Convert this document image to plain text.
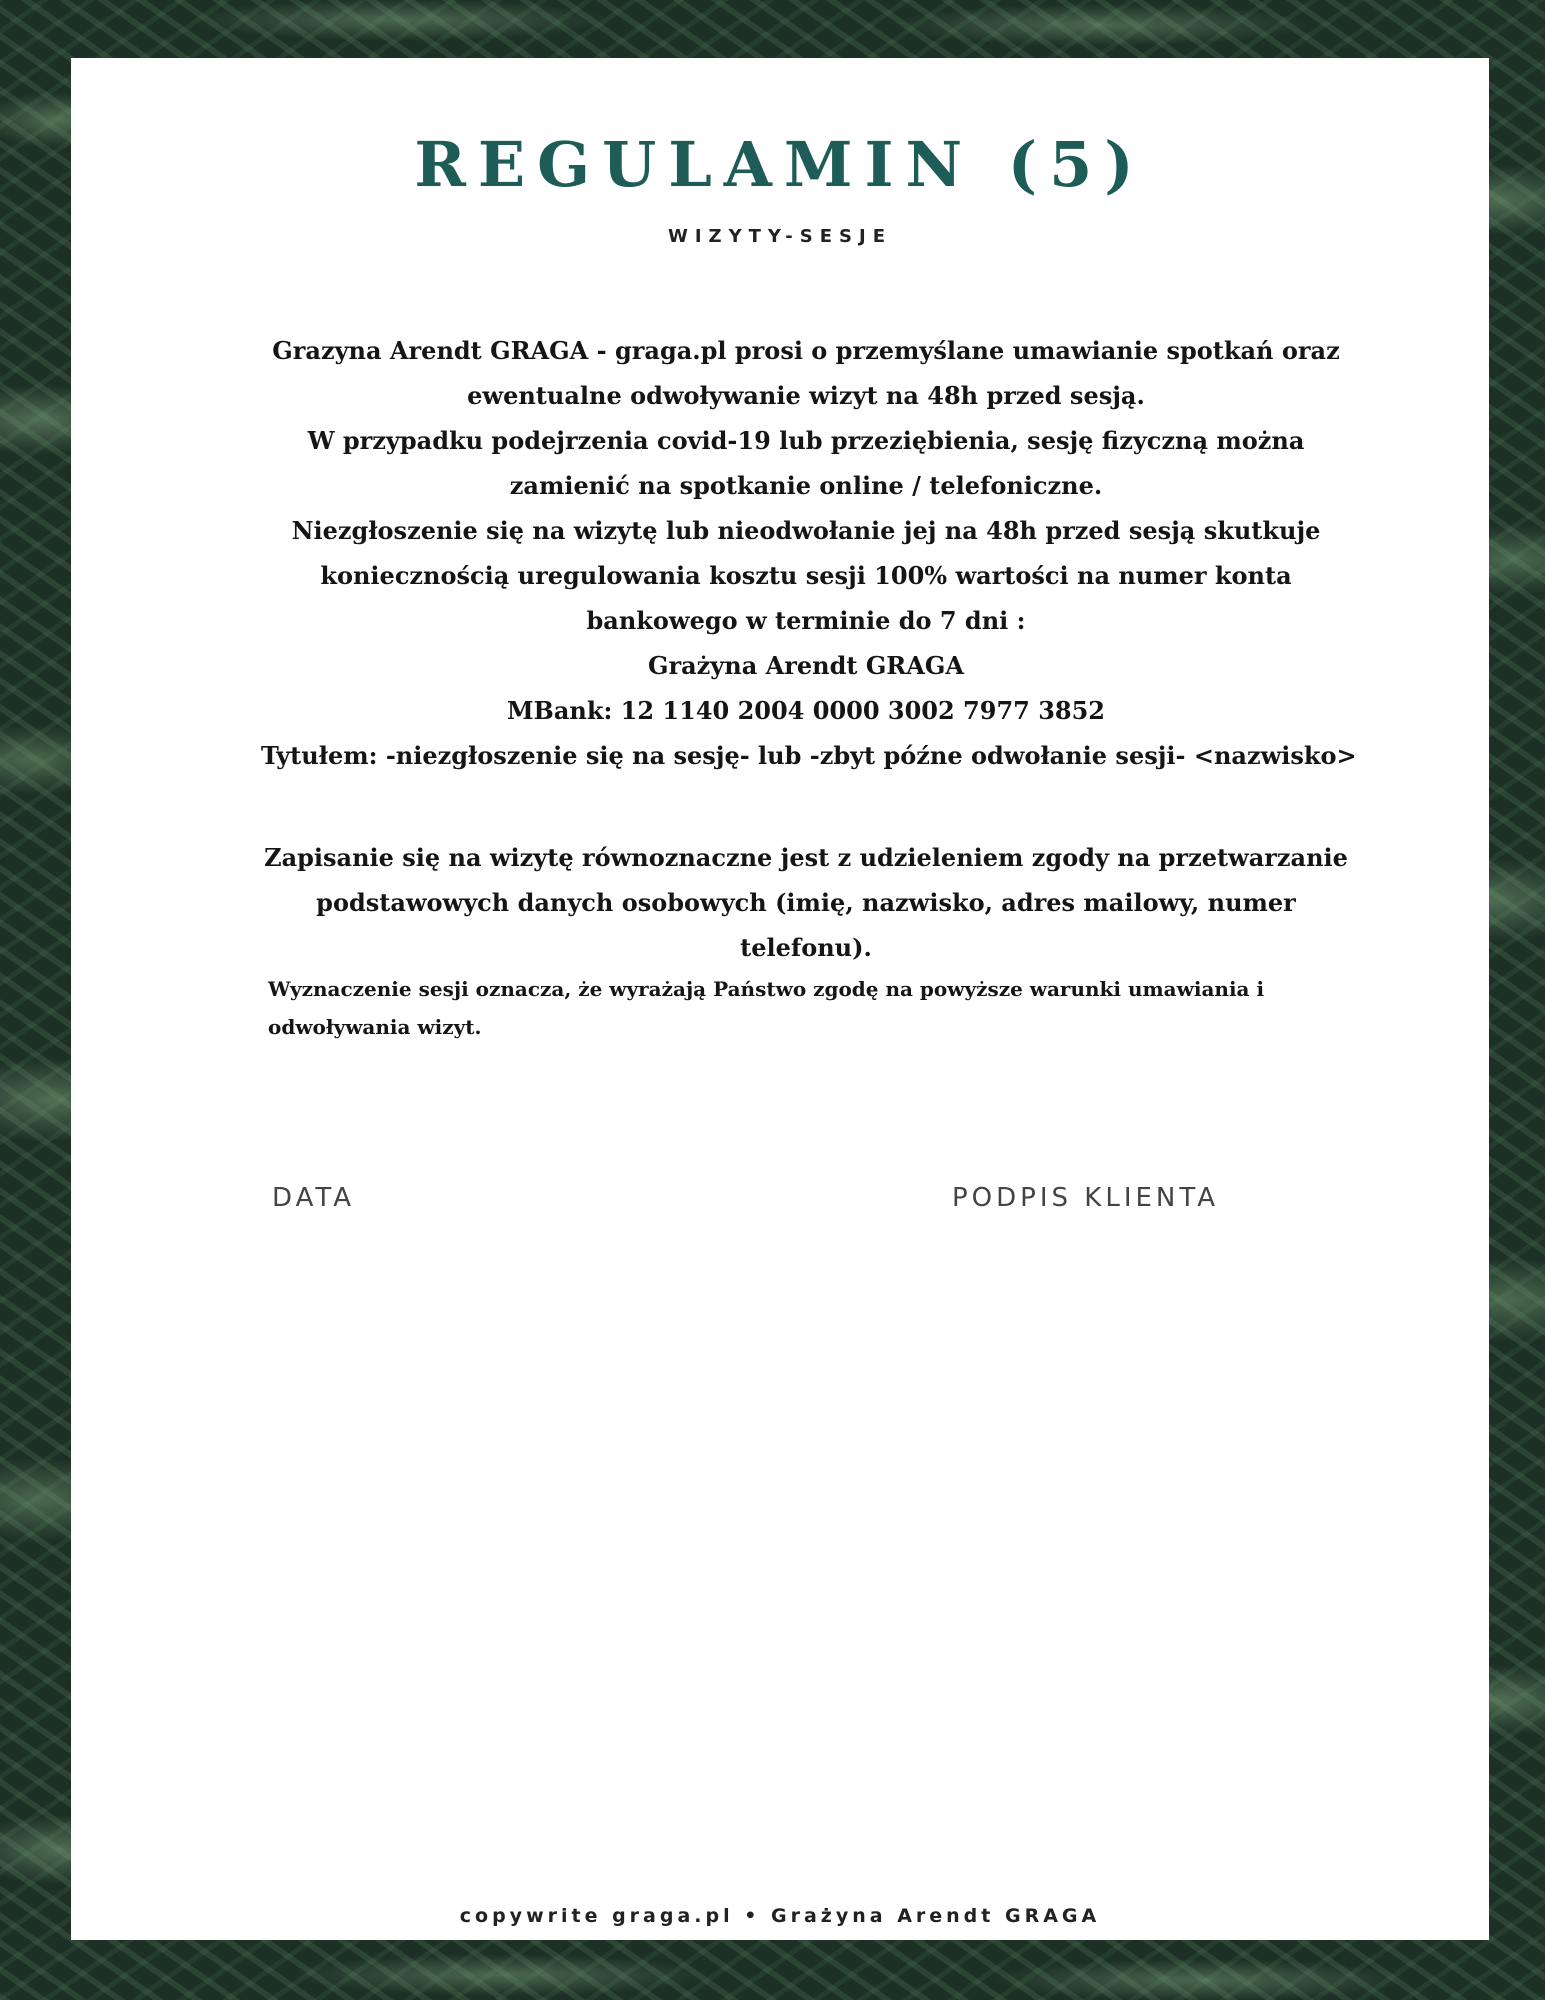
REGULAMIN (5)
WIZYTY-SESJE
Grazyna Arendt GRAGA - graga.pl prosi o przemyślane umawianie spotkań oraz
ewentualne odwoływanie wizyt na 48h przed sesją.
W przypadku podejrzenia covid-19 lub przeziębienia, sesję fizyczną można
zamienić na spotkanie online / telefoniczne.
Niezgłoszenie się na wizytę lub nieodwołanie jej na 48h przed sesją skutkuje
koniecznością uregulowania kosztu sesji 100% wartości na numer konta
bankowego w terminie do 7 dni :
Grażyna Arendt GRAGA
MBank: 12 1140 2004 0000 3002 7977 3852
Tytułem: -niezgłoszenie się na sesję- lub -zbyt późne odwołanie sesji- <nazwisko>
Zapisanie się na wizytę równoznaczne jest z udzieleniem zgody na przetwarzanie
podstawowych danych osobowych (imię, nazwisko, adres mailowy, numer
telefonu).
Wyznaczenie sesji oznacza, że wyrażają Państwo zgodę na powyższe warunki umawiania i
odwoływania wizyt.
DATA	PODPIS KLIENTA
copywrite graga.pl • Grażyna Arendt GRAGA
